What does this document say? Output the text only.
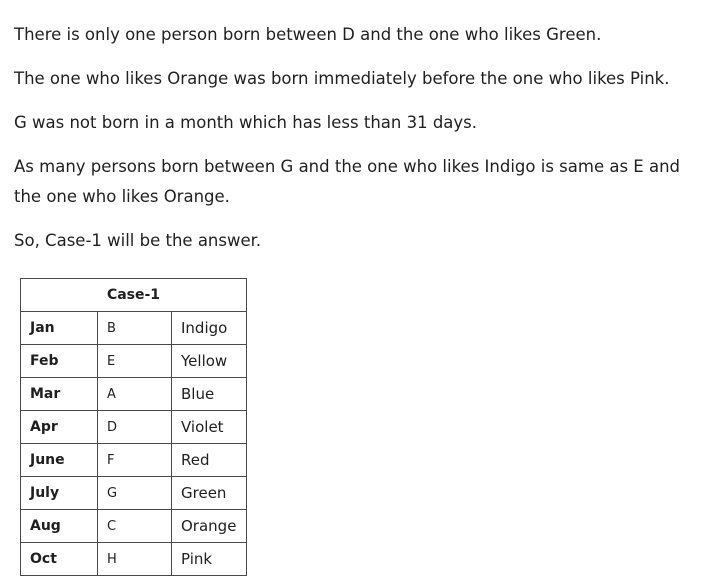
There is only one person born between D and the one who likes Green.

The one who likes Orange was born immediately before the one who likes Pink.

G was not born in a month which has less than 31 days.

As many persons born between G and the one who likes Indigo is same as E and the one who likes Orange.

So, Case-1 will be the answer.

Case-1		
Jan	B	Indigo
Feb	E	Yellow
Mar	A	Blue
Apr	D	Violet
June	F	Red
July	G	Green
Aug	C	Orange
Oct	H	Pink
